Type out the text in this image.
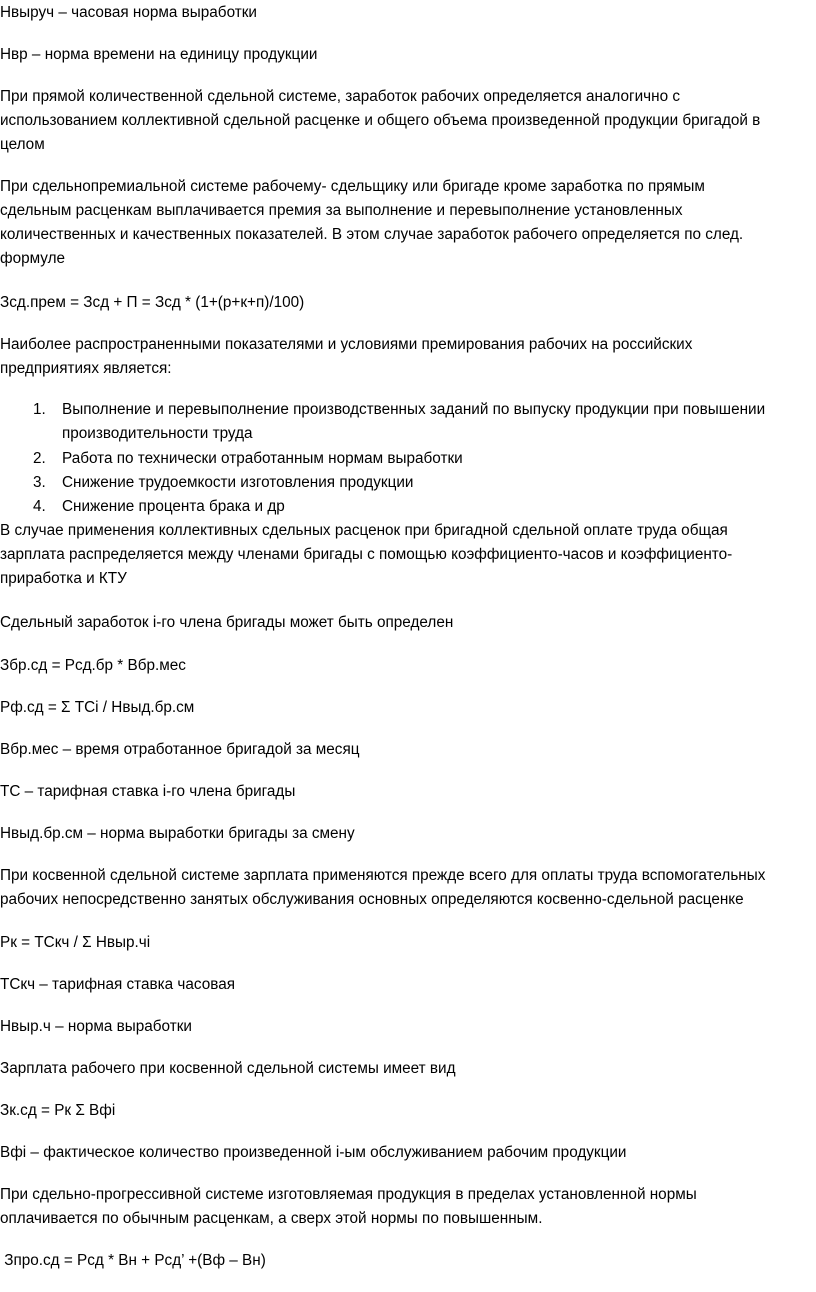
Нвыруч – часовая норма выработки
Нвр – норма времени на единицу продукции
При прямой количественной сдельной системе, заработок рабочих определяется аналогично с
использованием коллективной сдельной расценке и общего объема произведенной продукции бригадой в
целом
При сдельнопремиальной системе рабочему- сдельщику или бригаде кроме заработка по прямым
сдельным расценкам выплачивается премия за выполнение и перевыполнение установленных
количественных и качественных показателей. В этом случае заработок рабочего определяется по след.
формуле
Зсд.прем = Зсд + П = Зсд * (1+(р+к+п)/100)
Наиболее распространенными показателями и условиями премирования рабочих на российских
предприятиях является:
1.	Выполнение и перевыполнение производственных заданий по выпуску продукции при повышении
производительности труда
2.	Работа по технически отработанным нормам выработки
3.	Снижение трудоемкости изготовления продукции
4.	Снижение процента брака и др
В случае применения коллективных сдельных расценок при бригадной сдельной оплате труда общая
зарплата распределяется между членами бригады с помощью коэффициенто-часов и коэффициенто-
приработка и КТУ
Сдельный заработок i-го члена бригады может быть определен
Збр.сд = Рсд.бр * Вбр.мес
Рф.сд = Σ ТСi / Нвыд.бр.см
Вбр.мес – время отработанное бригадой за месяц
ТС – тарифная ставка i-го члена бригады
Нвыд.бр.см – норма выработки бригады за смену
При косвенной сдельной системе зарплата применяются прежде всего для оплаты труда вспомогательных
рабочих непосредственно занятых обслуживания основных определяются косвенно-сдельной расценке
Рк = ТСкч / Σ Нвыр.чi
ТСкч – тарифная ставка часовая
Нвыр.ч – норма выработки
Зарплата рабочего при косвенной сдельной системы имеет вид
Зк.сд = Рк Σ Вфi
Вфi – фактическое количество произведенной i-ым обслуживанием рабочим продукции
При сдельно-прогрессивной системе изготовляемая продукция в пределах установленной нормы
оплачивается по обычным расценкам, а сверх этой нормы по повышенным.
Зпро.сд = Рсд * Вн + Рсд’ +(Вф – Вн)
